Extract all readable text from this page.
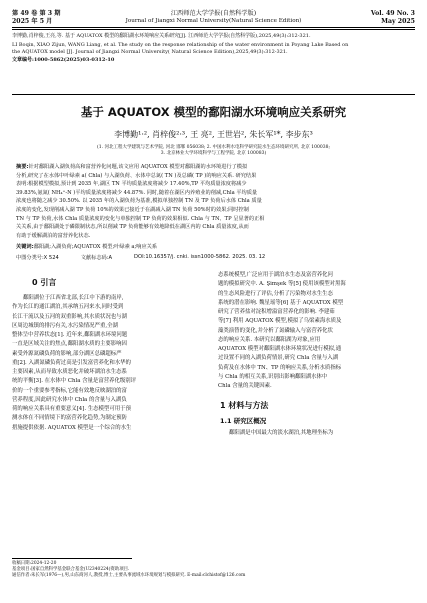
第 49 卷 第 3 期
2025 年 5 月
江西师范大学学报(自然科学版)
Journal of Jiangxi Normal University(Natural Science Edition)
Vol. 49 No. 3
May 2025
李博勤,肖梓俊,王亮,等. 基于 AQUATOX 模型的鄱阳湖水环境响应关系研究[J]. 江西师范大学学报(自然科学版),2025,49(3):312-321.
LI Boqin, XIAO Zijun, WANG Liang, et al. The study on the response relationship of the water environment in Poyang Lake Based on
the AQUATOX model [J]. Journal of Jiangxi Normal University( Natural Science Edition),2025,49(3):312-321.
文章编号:1000-5862(2025)03-0312-10
基于 AQUATOX 模型的鄱阳湖水环境响应关系研究
李博勤¹·², 肖梓俊²·³, 王 亮², 王世岩², 朱长军¹*, 李步东³
(1. 河北工程大学建筑与艺术学院, 河北 邯郸 056038; 2. 中国水利水电科学研究院水生态环境研究所, 北京 100038;
3. 北京林业大学环境科学与工程学院, 北京 100083)
摘要:针对鄱阳湖入湖负荷高和富营养化问题,该文应用 AQUATOX 模型对鄱阳湖的水环境进行了模拟
分析,研究了在水体中叶绿素 a( Chla) 与入湖负荷、水体中总氮( TN )及总磷( TP )的响应关系. 研究结果
表明:根据模型模拟,预计到 2035 年,湖区 TN 平均质量浓度将减少 17.40%,TP 平均质量浓度将减少
39.83%,氨氮( NH₄⁺-N )平均质量浓度将减少 44.87%. 同时,随着在湖区内养殖业的削减,Chla 平均质量
浓度也将随之减少 30.50%. 以 2035 年的入湖负荷为基准,模拟单独控制 TN 及 TP 负荷后水体 Chla 质量
浓度的变化,发现削减入湖 TP 负荷 10%的效果已接近于在湖减入湖 TN 负荷 50%时的效果;同时控制
TN 与 TP 负荷,水体 Chla 质量浓度的变化与单独控制 TP 负荷的效果相似. Chla 与 TN、TP 呈显著的正相
关关系,由于鄱阳湖处于磷限制状态,所以削减 TP 负荷能够有效地降低在湖区内的 Chla 质量浓度,从而
有助于缓解湖泊的富营养化状态.
关键词:鄱阳湖;入湖负荷;AQUATOX 模型;叶绿素 a;响应关系
中图分类号:X 524	文献标志码:A	DOI:10.16357/j. cnki. issn1000-5862. 2025. 03. 12
0 引言
鄱阳湖位于江西省北部,长江中下游的南岸,
作为长江的通江湖泊,其承纳五河来水,同时受到
长江干流以及五河的双重影响,其水质状况也与湖
区周边城镇的排污有关,水污染情况严重,全湖
整体呈中营养状态[1]. 近年来,鄱阳湖水环境问题
一直是区域关注的焦点,鄱阳湖水质的主要影响因
素受外源氮磷负荷的影响,部分湖区总磷超标严
重[2]. 入湖氮磷负荷过高是引发富营养化和水华的
主要因素,从而导致水质恶化并破坏湖泊水生态系
统的平衡[3]. 在水体中 Chla 含量是富营养化级别评
价的一个重要参考指标,它能有效地反映湖泊的富
营养程度,因此研究水体中 Chla 的含量与入湖负
荷的响应关系具有重要意义[4]. 生态模型可用于预
测水体在不同情境下的富营养化趋势,为制定预防
措施提供依据. AQUATOX 模型是一个综合的水生
态系统模型,广泛应用于湖泊水生态及富营养化问
题的模拟研究中. A. Şimşek 等[5] 使用该模型对黑海
的生态风险进行了评估,分析了污染物对水生生态
系统的潜在影响. 魏星瑶等[6] 基于 AQUATOX 模型
研究了营养盐对淀积增溢富营养化的影响. 李建茹
等[7] 利用 AQUATOX 模型,模拟了乌梁素海水质及
藻类演替的变化,并分析了氮磷输入与富营养化状
态的响应关系. 本研究以鄱阳湖为对象,应用
AQUATOX 模型对鄱阳湖水体环境状况进行模拟,通
过设置不同的入湖负荷情景,研究 Chla 含量与入湖
负荷及在水体中 TN、TP 的响应关系,分析水质指标
与 Chla 的相互关系,识别出影响鄱阳湖水体中
Chla 含量的关键因素.
1 材料与方法
1.1 研究区概况
鄱阳湖是中国最大的淡水湖泊,其地理坐标为
收稿日期:2024-12-20
基金项目:国家自然科学基金联合基金(U2340224)资助项目.
通信作者:朱长军(1976—),男,山东商河人,教授,博士,主要从事流域水环境规划与模拟研究. E-mail:clchistof@126.com
